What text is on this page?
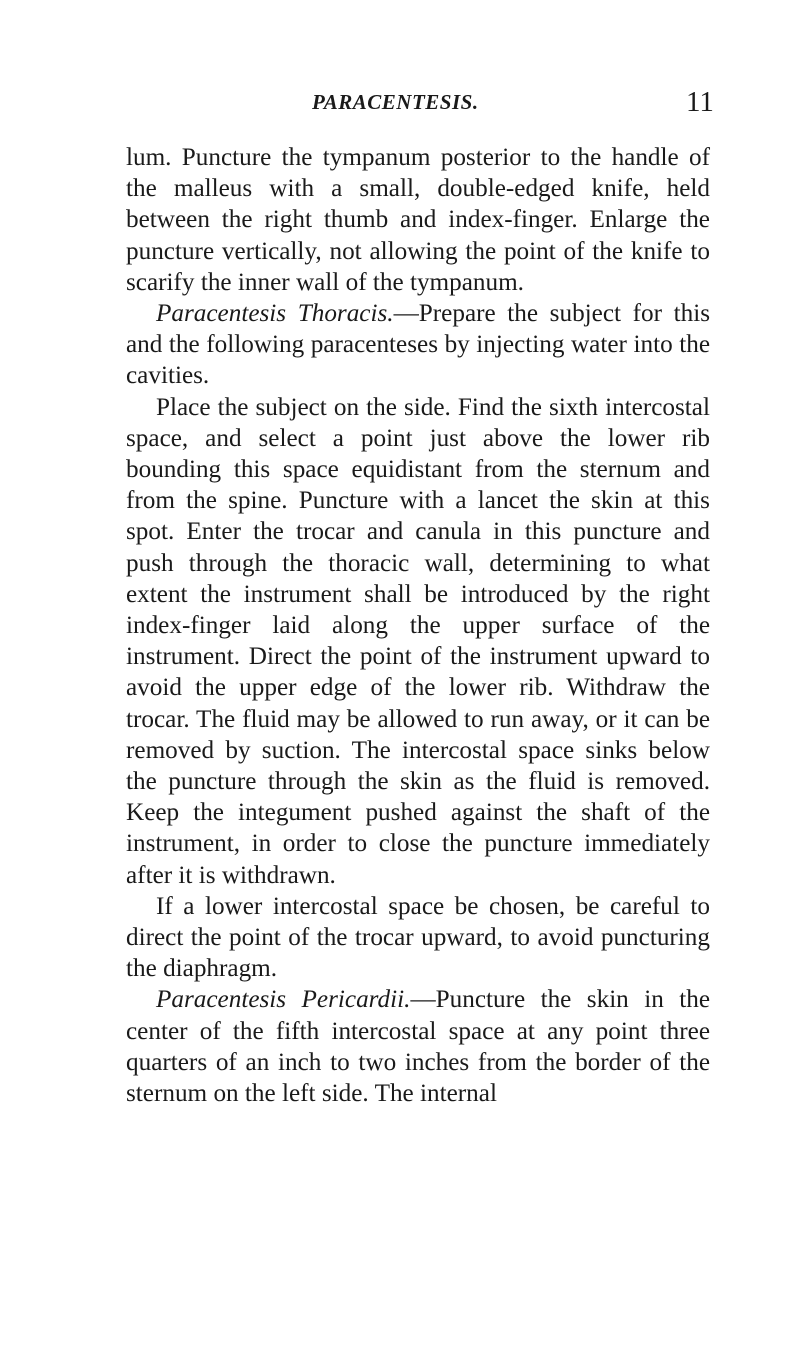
PARACENTESIS.	11

lum. Puncture the tympanum posterior to the handle of the malleus with a small, double-edged knife, held between the right thumb and index-finger. Enlarge the puncture vertically, not allowing the point of the knife to scarify the inner wall of the tympanum.

Paracentesis Thoracis.—Prepare the subject for this and the following paracenteses by injecting water into the cavities.

Place the subject on the side. Find the sixth intercostal space, and select a point just above the lower rib bounding this space equidistant from the sternum and from the spine. Puncture with a lancet the skin at this spot. Enter the trocar and canula in this puncture and push through the thoracic wall, determining to what extent the instrument shall be introduced by the right index-finger laid along the upper surface of the instrument. Direct the point of the instrument upward to avoid the upper edge of the lower rib. Withdraw the trocar. The fluid may be allowed to run away, or it can be removed by suction. The intercostal space sinks below the puncture through the skin as the fluid is removed. Keep the integument pushed against the shaft of the instrument, in order to close the puncture immediately after it is withdrawn.

If a lower intercostal space be chosen, be careful to direct the point of the trocar upward, to avoid puncturing the diaphragm.

Paracentesis Pericardii.—Puncture the skin in the center of the fifth intercostal space at any point three quarters of an inch to two inches from the border of the sternum on the left side. The internal
